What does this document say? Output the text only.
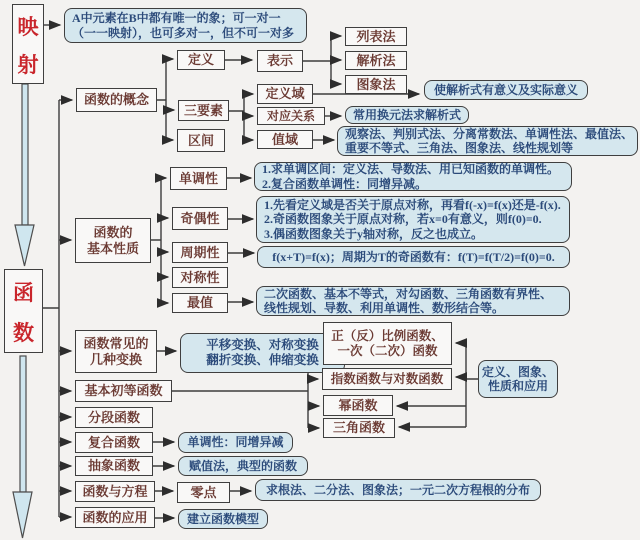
映射
函数
A中元素在B中都有唯一的象；可一对一
（一一映射），也可多对一，但不可一对多
函数的概念
定义	表示
列表法
解析法
图象法
三要素
区间
定义域
对应关系
值域
使解析式有意义及实际意义
常用换元法求解析式
观察法、判别式法、分离常数法、单调性法、最值法、
重要不等式、三角法、图象法、线性规划等
函数的
基本性质
单调性
奇偶性
周期性
对称性
最值
1.求单调区间：定义法、导数法、用已知函数的单调性。
2.复合函数单调性：同增异减。
1.先看定义域是否关于原点对称，再看f(-x)=f(x)还是-f(x).
2.奇函数图象关于原点对称，若x=0有意义，则f(0)=0.
3.偶函数图象关于y轴对称，反之也成立。
f(x+T)=f(x)；周期为T的奇函数有：f(T)=f(T/2)=f(0)=0.
二次函数、基本不等式，对勾函数、三角函数有界性、
线性规划、导数、利用单调性、数形结合等。
函数常见的
几种变换
基本初等函数
分段函数
复合函数
抽象函数
函数与方程
函数的应用
平移变换、对称变换
翻折变换、伸缩变换
正（反）比例函数、
一次（二次）函数
指数函数与对数函数
幂函数
三角函数
定义、图象、
性质和应用
单调性：同增异减
赋值法，典型的函数
零点	求根法、二分法、图象法；一元二次方程根的分布
建立函数模型
